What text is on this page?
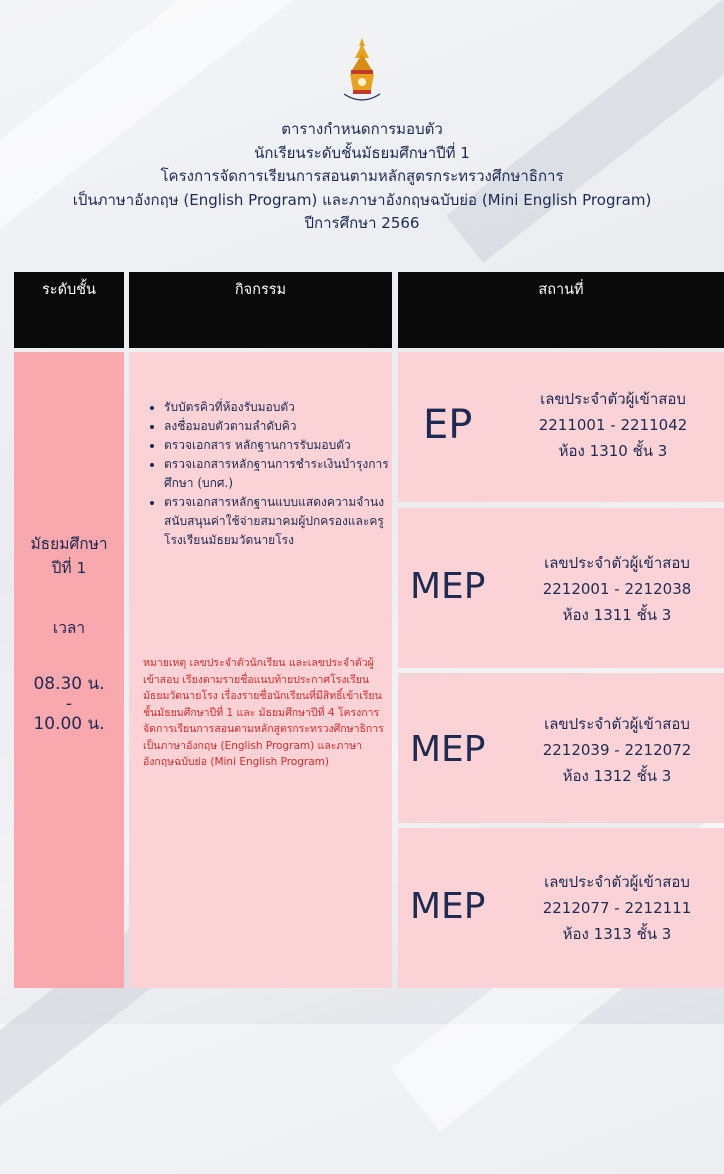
ตารางกำหนดการมอบตัว
นักเรียนระดับชั้นมัธยมศึกษาปีที่ 1
โครงการจัดการเรียนการสอนตามหลักสูตรกระทรวงศึกษาธิการ
เป็นภาษาอังกฤษ (English Program) และภาษาอังกฤษฉบับย่อ (Mini English Program)
ปีการศึกษา 2566
ระดับชั้น	กิจกรรม	สถานที่
มัธยมศึกษา
ปีที่ 1
เวลา
08.30 น.
-
10.00 น.
• รับบัตรคิวที่ห้องรับมอบตัว
• ลงชื่อมอบตัวตามลำดับคิว
• ตรวจเอกสาร หลักฐานการรับมอบตัว
• ตรวจเอกสารหลักฐานการชำระเงินบำรุงการศึกษา (บกศ.)
• ตรวจเอกสารหลักฐานแบบแสดงความจำนงสนับสนุนค่าใช้จ่ายสมาคมผู้ปกครองและครูโรงเรียนมัธยมวัดนายโรง

หมายเหตุ เลขประจำตัวนักเรียน และเลขประจำตัวผู้เข้าสอบ เรียงตามรายชื่อแนบท้ายประกาศโรงเรียนมัธยมวัดนายโรง เรื่องรายชื่อนักเรียนที่มีสิทธิ์เข้าเรียนชั้นมัธยมศึกษาปีที่ 1 และ มัธยมศึกษาปีที่ 4 โครงการจัดการเรียนการสอนตามหลักสูตรกระทรวงศึกษาธิการเป็นภาษาอังกฤษ (English Program) และภาษาอังกฤษฉบับย่อ (Mini English Program)

EP
เลขประจำตัวผู้เข้าสอบ
2211001 - 2211042
ห้อง 1310 ชั้น 3
MEP
เลขประจำตัวผู้เข้าสอบ
2212001 - 2212038
ห้อง 1311 ชั้น 3
MEP
เลขประจำตัวผู้เข้าสอบ
2212039 - 2212072
ห้อง 1312 ชั้น 3
MEP
เลขประจำตัวผู้เข้าสอบ
2212077 - 2212111
ห้อง 1313 ชั้น 3
